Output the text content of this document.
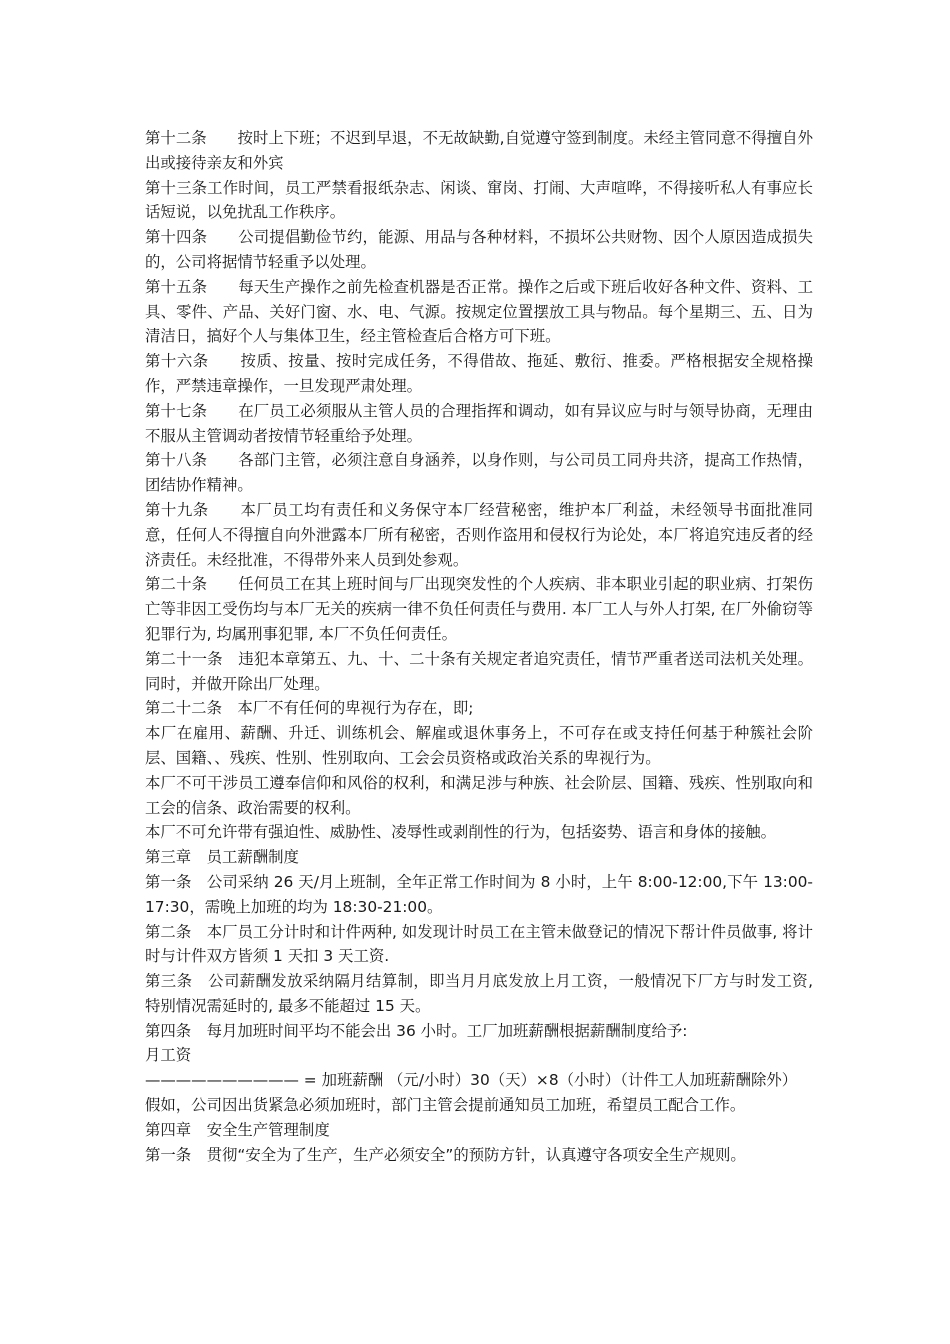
第十二条　　按时上下班；不迟到早退，不无故缺勤,自觉遵守签到制度。未经主管同意不得擅自外出或接待亲友和外宾

第十三条工作时间，员工严禁看报纸杂志、闲谈、窜岗、打闹、大声喧哗，不得接听私人有事应长话短说，以免扰乱工作秩序。

第十四条　　公司提倡勤俭节约，能源、用品与各种材料，不损坏公共财物、因个人原因造成损失的，公司将据情节轻重予以处理。

第十五条　　每天生产操作之前先检查机器是否正常。操作之后或下班后收好各种文件、资料、工具、零件、产品、关好门窗、水、电、气源。按规定位置摆放工具与物品。每个星期三、五、日为清洁日，搞好个人与集体卫生，经主管检查后合格方可下班。

第十六条　　按质、按量、按时完成任务，不得借故、拖延、敷衍、推委。严格根据安全规格操作，严禁违章操作，一旦发现严肃处理。

第十七条　　在厂员工必须服从主管人员的合理指挥和调动，如有异议应与时与领导协商，无理由不服从主管调动者按情节轻重给予处理。

第十八条　　各部门主管，必须注意自身涵养，以身作则，与公司员工同舟共济，提高工作热情，团结协作精神。

第十九条　　本厂员工均有责任和义务保守本厂经营秘密，维护本厂利益，未经领导书面批准同意，任何人不得擅自向外泄露本厂所有秘密，否则作盗用和侵权行为论处，本厂将追究违反者的经济责任。未经批准，不得带外来人员到处参观。

第二十条　　任何员工在其上班时间与厂出现突发性的个人疾病、非本职业引起的职业病、打架伤亡等非因工受伤均与本厂无关的疾病一律不负任何责任与费用. 本厂工人与外人打架, 在厂外偷窃等犯罪行为, 均属刑事犯罪, 本厂不负任何责任。

第二十一条　违犯本章第五、九、十、二十条有关规定者追究责任，情节严重者送司法机关处理。同时，并做开除出厂处理。

第二十二条　本厂不有任何的卑视行为存在，即;

本厂在雇用、薪酬、升迁、训练机会、解雇或退休事务上，不可存在或支持任何基于种簇社会阶层、国籍、、残疾、性别、性别取向、工会会员资格或政治关系的卑视行为。

本厂不可干涉员工遵奉信仰和风俗的权利，和满足涉与种族、社会阶层、国籍、残疾、性别取向和工会的信条、政治需要的权利。

本厂不可允许带有强迫性、威胁性、凌辱性或剥削性的行为，包括姿势、语言和身体的接触。

第三章　员工薪酬制度

第一条　公司采纳 26 天/月上班制，全年正常工作时间为 8 小时，上午 8:00-12:00,下午 13:00-17:30，需晚上加班的均为 18:30-21:00。

第二条　本厂员工分计时和计件两种, 如发现计时员工在主管未做登记的情况下帮计件员做事, 将计时与计件双方皆须 1 天扣 3 天工资.

第三条　公司薪酬发放采纳隔月结算制，即当月月底发放上月工资，一般情况下厂方与时发工资, 特别情况需延时的, 最多不能超过 15 天。

第四条　每月加班时间平均不能会出 36 小时。工厂加班薪酬根据薪酬制度给予:

月工资

—————————— = 加班薪酬 （元/小时）30（天）×8（小时）（计件工人加班薪酬除外）

假如，公司因出货紧急必须加班时，部门主管会提前通知员工加班，希望员工配合工作。

第四章　安全生产管理制度

第一条　贯彻“安全为了生产，生产必须安全”的预防方针，认真遵守各项安全生产规则。
